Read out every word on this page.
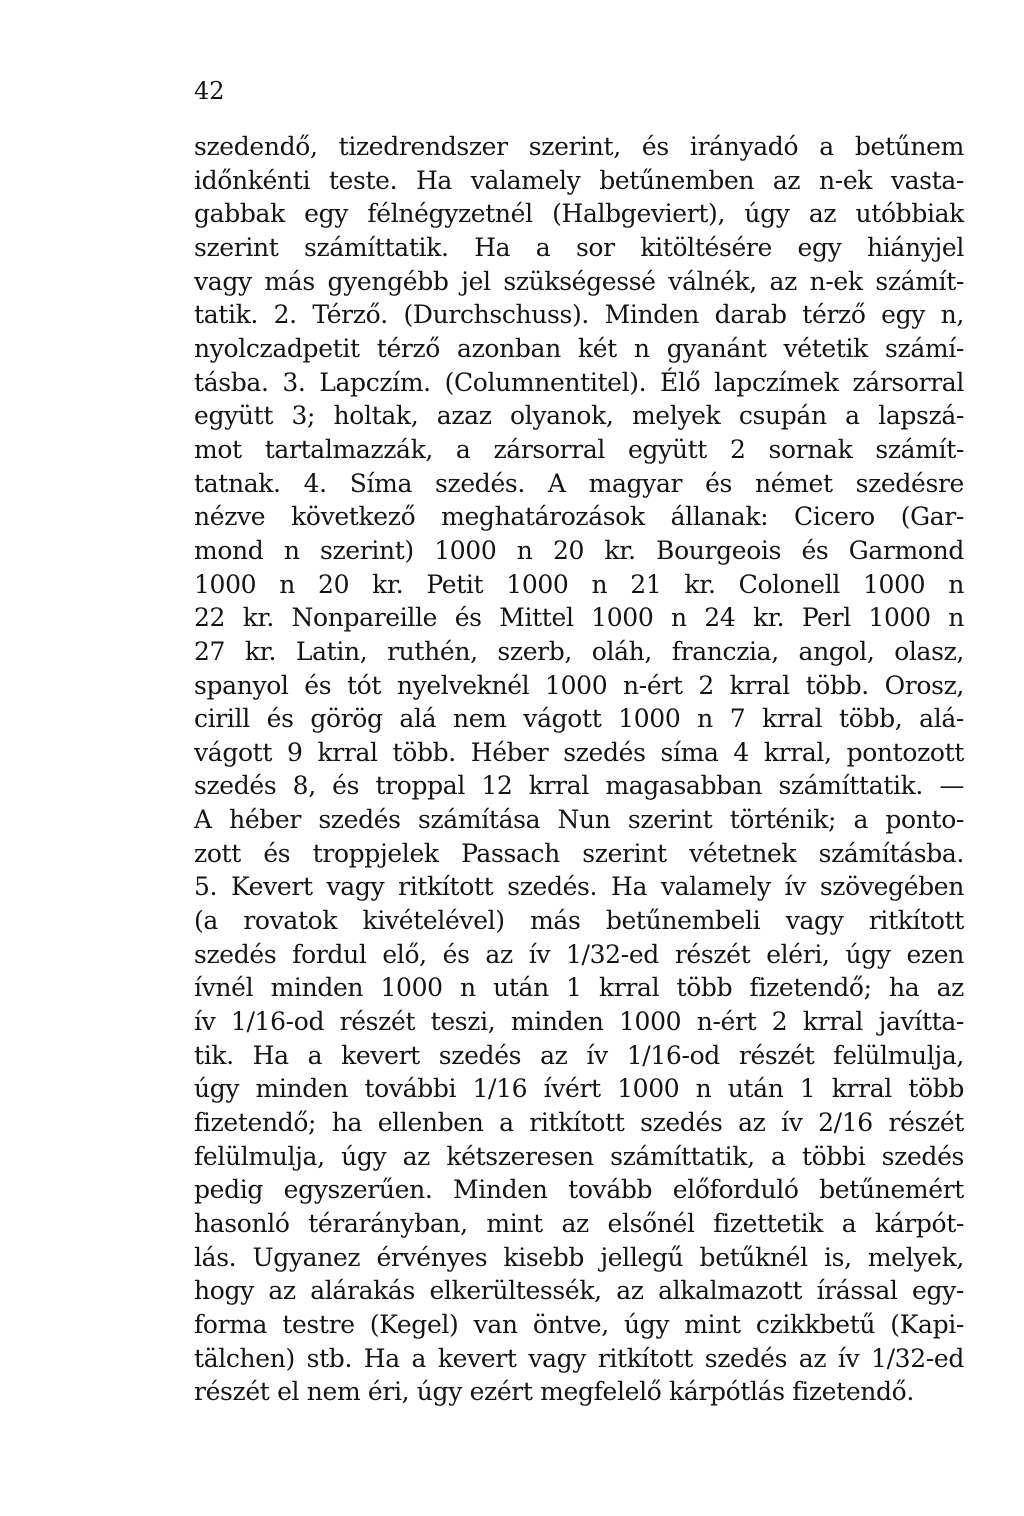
42
szedendő, tizedrendszer szerint, és irányadó a betűnem
időnkénti teste. Ha valamely betűnemben az n-ek vasta-
gabbak egy félnégyzetnél (Halbgeviert), úgy az utóbbiak
szerint számíttatik. Ha a sor kitöltésére egy hiányjel
vagy más gyengébb jel szükségessé válnék, az n-ek számít-
tatik. 2. Térző. (Durchschuss). Minden darab térző egy n,
nyolczadpetit térző azonban két n gyanánt vétetik számí-
tásba. 3. Lapczím. (Columnentitel). Élő lapczímek zársorral
együtt 3; holtak, azaz olyanok, melyek csupán a lapszá-
mot tartalmazzák, a zársorral együtt 2 sornak számít-
tatnak. 4. Síma szedés. A magyar és német szedésre
nézve következő meghatározások állanak: Cicero (Gar-
mond n szerint) 1000 n 20 kr. Bourgeois és Garmond
1000 n 20 kr. Petit 1000 n 21 kr. Colonell 1000 n
22 kr. Nonpareille és Mittel 1000 n 24 kr. Perl 1000 n
27 kr. Latin, ruthén, szerb, oláh, franczia, angol, olasz,
spanyol és tót nyelveknél 1000 n-ért 2 krral több. Orosz,
cirill és görög alá nem vágott 1000 n 7 krral több, alá-
vágott 9 krral több. Héber szedés síma 4 krral, pontozott
szedés 8, és troppal 12 krral magasabban számíttatik. —
A héber szedés számítása Nun szerint történik; a ponto-
zott és troppjelek Passach szerint vétetnek számításba.
5. Kevert vagy ritkított szedés. Ha valamely ív szövegében
(a rovatok kivételével) más betűnembeli vagy ritkított
szedés fordul elő, és az ív 1/32-ed részét eléri, úgy ezen
ívnél minden 1000 n után 1 krral több fizetendő; ha az
ív 1/16-od részét teszi, minden 1000 n-ért 2 krral javítta-
tik. Ha a kevert szedés az ív 1/16-od részét felülmulja,
úgy minden további 1/16 ívért 1000 n után 1 krral több
fizetendő; ha ellenben a ritkított szedés az ív 2/16 részét
felülmulja, úgy az kétszeresen számíttatik, a többi szedés
pedig egyszerűen. Minden tovább előforduló betűnemért
hasonló térarányban, mint az elsőnél fizettetik a kárpót-
lás. Ugyanez érvényes kisebb jellegű betűknél is, melyek,
hogy az alárakás elkerültessék, az alkalmazott írással egy-
forma testre (Kegel) van öntve, úgy mint czikkbetű (Kapi-
tälchen) stb. Ha a kevert vagy ritkított szedés az ív 1/32-ed
részét el nem éri, úgy ezért megfelelő kárpótlás fizetendő.
